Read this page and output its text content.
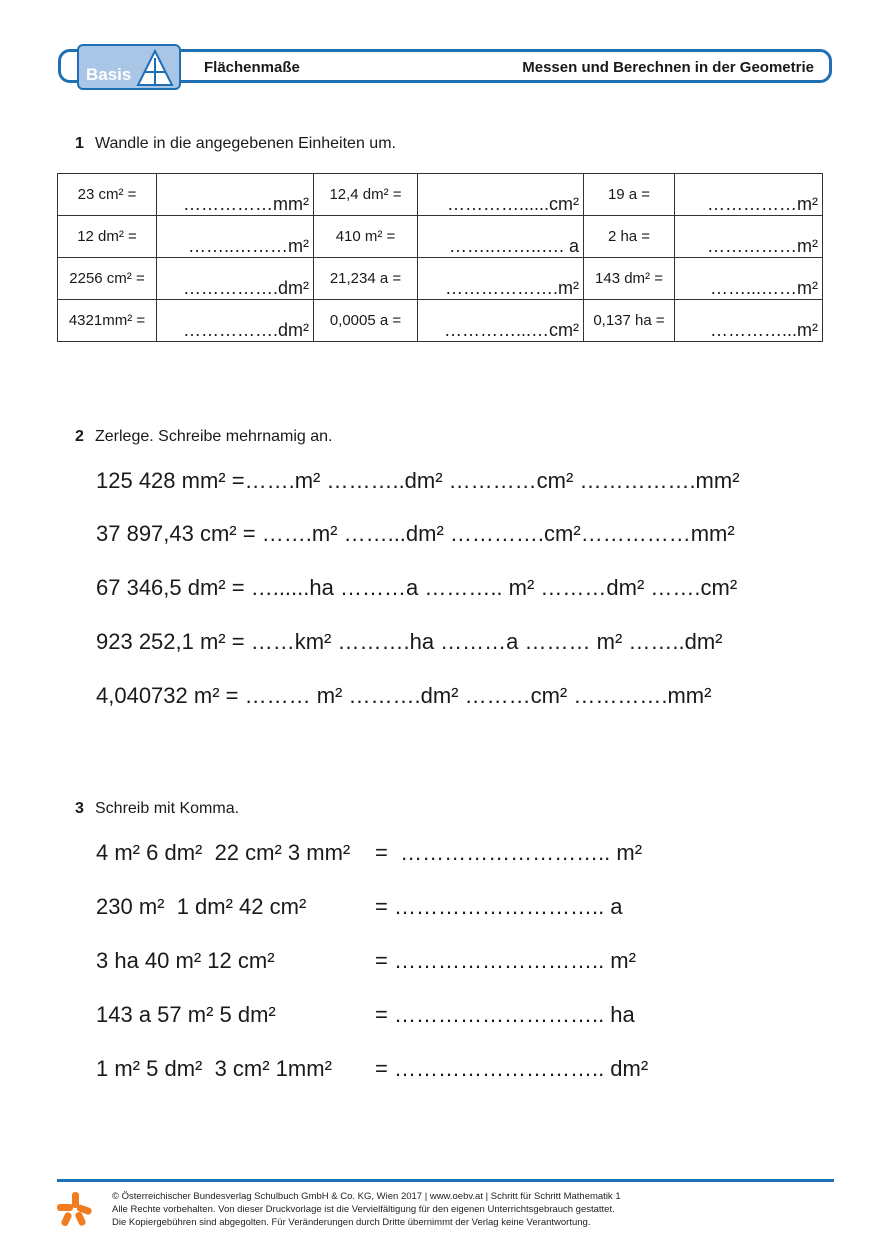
Basis	Flächenmaße	Messen und Berechnen in der Geometrie
1 Wandle in die angegebenen Einheiten um.
23 cm² =	……………mm²	12,4 dm² =	…………......cm²	19 a =	……………m²
12 dm² =	……..………m²	410 m² =	……..……..…. a	2 ha =	……………m²
2256 cm² =	…………….dm²	21,234 a =	……………….m²	143 dm² =	……...……m²
4321mm² =	…………….dm²	0,0005 a =	…………...…cm²	0,137 ha =	…………...m²
2 Zerlege. Schreibe mehrnamig an.
125 428 mm² =…….m² ………..dm² …………cm² …………….mm²
37 897,43 cm² = …….m² ……...dm² ………….cm²……………mm²
67 346,5 dm² = …......ha ………a ……….. m² ………dm² …….cm²
923 252,1 m² = ……km² ……….ha ………a ……… m² ……..dm²
4,040732 m² = ……… m² ……….dm² ………cm² ………….mm²
3 Schreib mit Komma.
4 m² 6 dm²  22 cm² 3 mm² =  ……………………….. m²
230 m²  1 dm² 42 cm²	= ……………………….. a
3 ha 40 m² 12 cm²	= ……………………….. m²
143 a 57 m² 5 dm²	= ……………………….. ha
1 m² 5 dm²  3 cm² 1mm² = ……………………….. dm²
© Österreichischer Bundesverlag Schulbuch GmbH & Co. KG, Wien 2017 | www.oebv.at | Schritt für Schritt Mathematik 1
Alle Rechte vorbehalten. Von dieser Druckvorlage ist die Vervielfältigung für den eigenen Unterrichtsgebrauch gestattet.
Die Kopiergebühren sind abgegolten. Für Veränderungen durch Dritte übernimmt der Verlag keine Verantwortung.
